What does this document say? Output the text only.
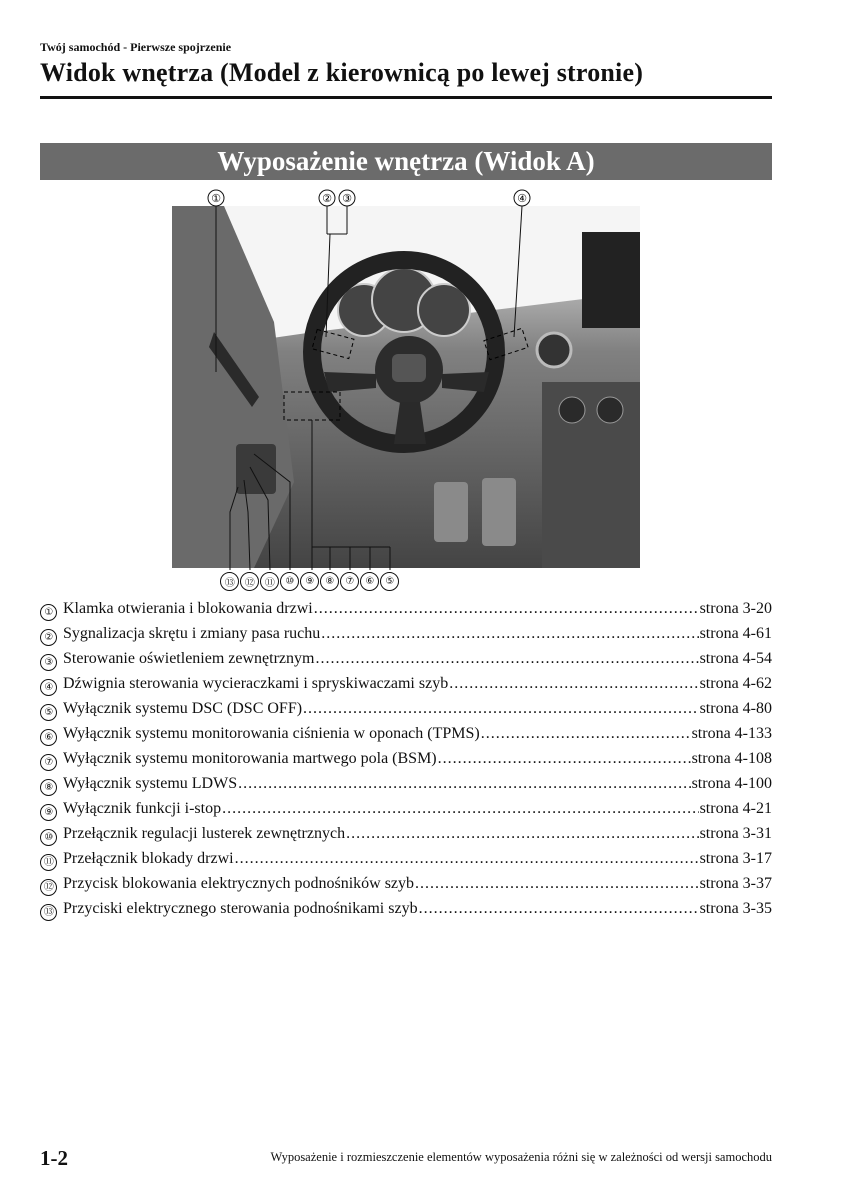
Twój samochód - Pierwsze spojrzenie
Widok wnętrza (Model z kierownicą po lewej stronie)
Wyposażenie wnętrza (Widok A)
①	② ③	④
⑬	⑫	⑪	⑩	⑨	⑧	⑦	⑥	⑤
① Klamka otwierania i blokowania drzwi .....	strona 3-20
② Sygnalizacja skrętu i zmiany pasa ruchu .....	strona 4-61
③ Sterowanie oświetleniem zewnętrznym .....	strona 4-54
④ Dźwignia sterowania wycieraczkami i spryskiwaczami szyb .....	strona 4-62
⑤ Wyłącznik systemu DSC (DSC OFF) .....	strona 4-80
⑥ Wyłącznik systemu monitorowania ciśnienia w oponach (TPMS) .....	strona 4-133
⑦ Wyłącznik systemu monitorowania martwego pola (BSM) .....	strona 4-108
⑧ Wyłącznik systemu LDWS .....	strona 4-100
⑨ Wyłącznik funkcji i-stop .....	strona 4-21
⑩ Przełącznik regulacji lusterek zewnętrznych .....	strona 3-31
⑪ Przełącznik blokady drzwi .....	strona 3-17
⑫ Przycisk blokowania elektrycznych podnośników szyb .....	strona 3-37
⑬ Przyciski elektrycznego sterowania podnośnikami szyb .....	strona 3-35
1-2	Wyposażenie i rozmieszczenie elementów wyposażenia różni się w zależności od wersji samochodu
